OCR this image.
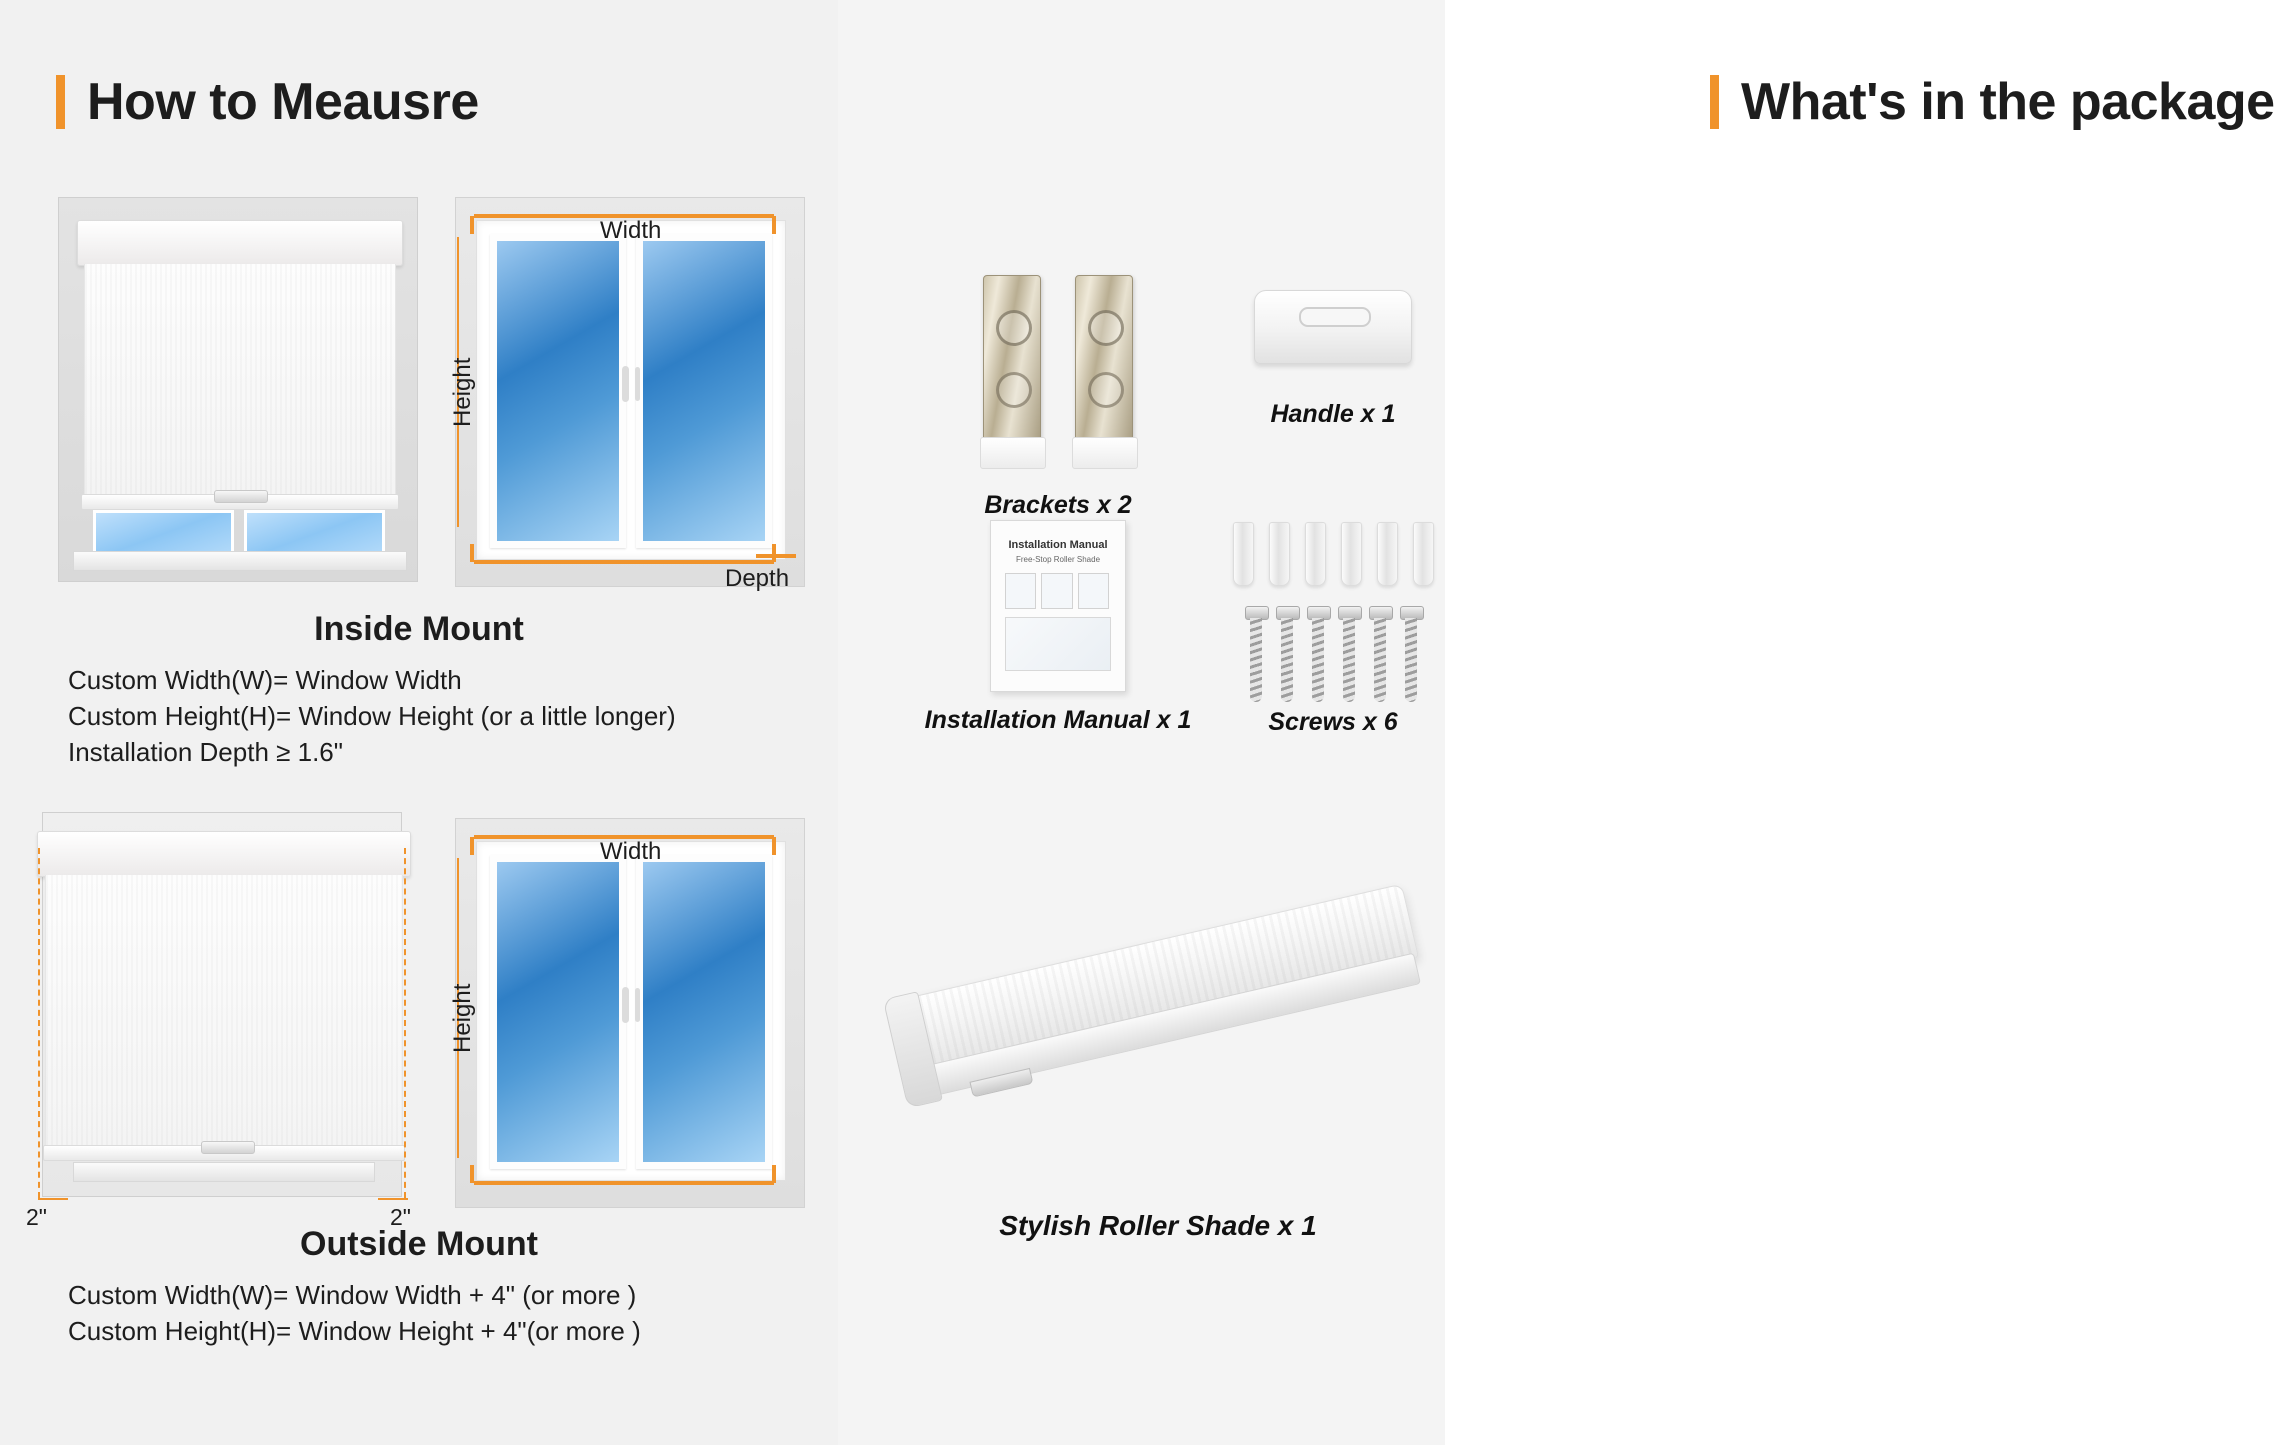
How to Meausre
Width
Height
Depth
Inside Mount
Custom Width(W)= Window Width
Custom Height(H)= Window Height (or a little longer)
Installation Depth ≥ 1.6"
2"	2"
Width
Height
Outside Mount
Custom Width(W)= Window Width + 4" (or more )
Custom Height(H)= Window Height + 4"(or more )
What's in the package
Brackets x 2
Handle x 1
Installation Manual
Free-Stop Roller Shade
Installation Manual x 1	Screws x 6
Stylish Roller Shade x 1
